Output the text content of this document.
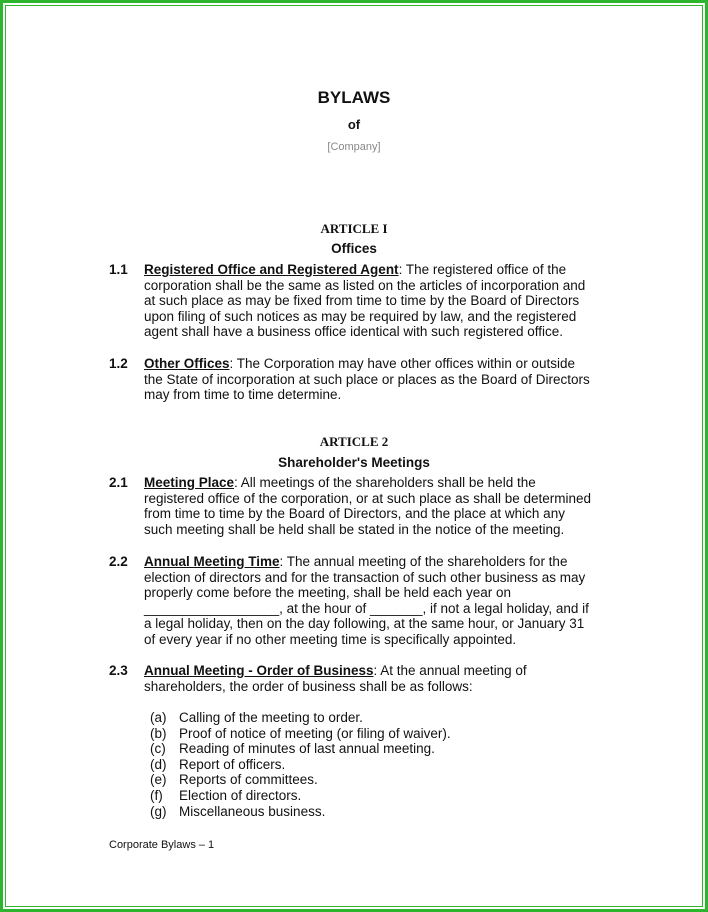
BYLAWS
of
[Company]
ARTICLE I
Offices
1.1 Registered Office and Registered Agent: The registered office of the
corporation shall be the same as listed on the articles of incorporation and
at such place as may be fixed from time to time by the Board of Directors
upon filing of such notices as may be required by law, and the registered
agent shall have a business office identical with such registered office.
1.2 Other Offices: The Corporation may have other offices within or outside
the State of incorporation at such place or places as the Board of Directors
may from time to time determine.
ARTICLE 2
Shareholder's Meetings
2.1 Meeting Place: All meetings of the shareholders shall be held the
registered office of the corporation, or at such place as shall be determined
from time to time by the Board of Directors, and the place at which any
such meeting shall be held shall be stated in the notice of the meeting.
2.2 Annual Meeting Time: The annual meeting of the shareholders for the
election of directors and for the transaction of such other business as may
properly come before the meeting, shall be held each year on
__________________, at the hour of _______, if not a legal holiday, and if
a legal holiday, then on the day following, at the same hour, or January 31
of every year if no other meeting time is specifically appointed.
2.3 Annual Meeting - Order of Business: At the annual meeting of
shareholders, the order of business shall be as follows:
(a) Calling of the meeting to order.
(b) Proof of notice of meeting (or filing of waiver).
(c) Reading of minutes of last annual meeting.
(d) Report of officers.
(e) Reports of committees.
(f) Election of directors.
(g) Miscellaneous business.
Corporate Bylaws – 1
